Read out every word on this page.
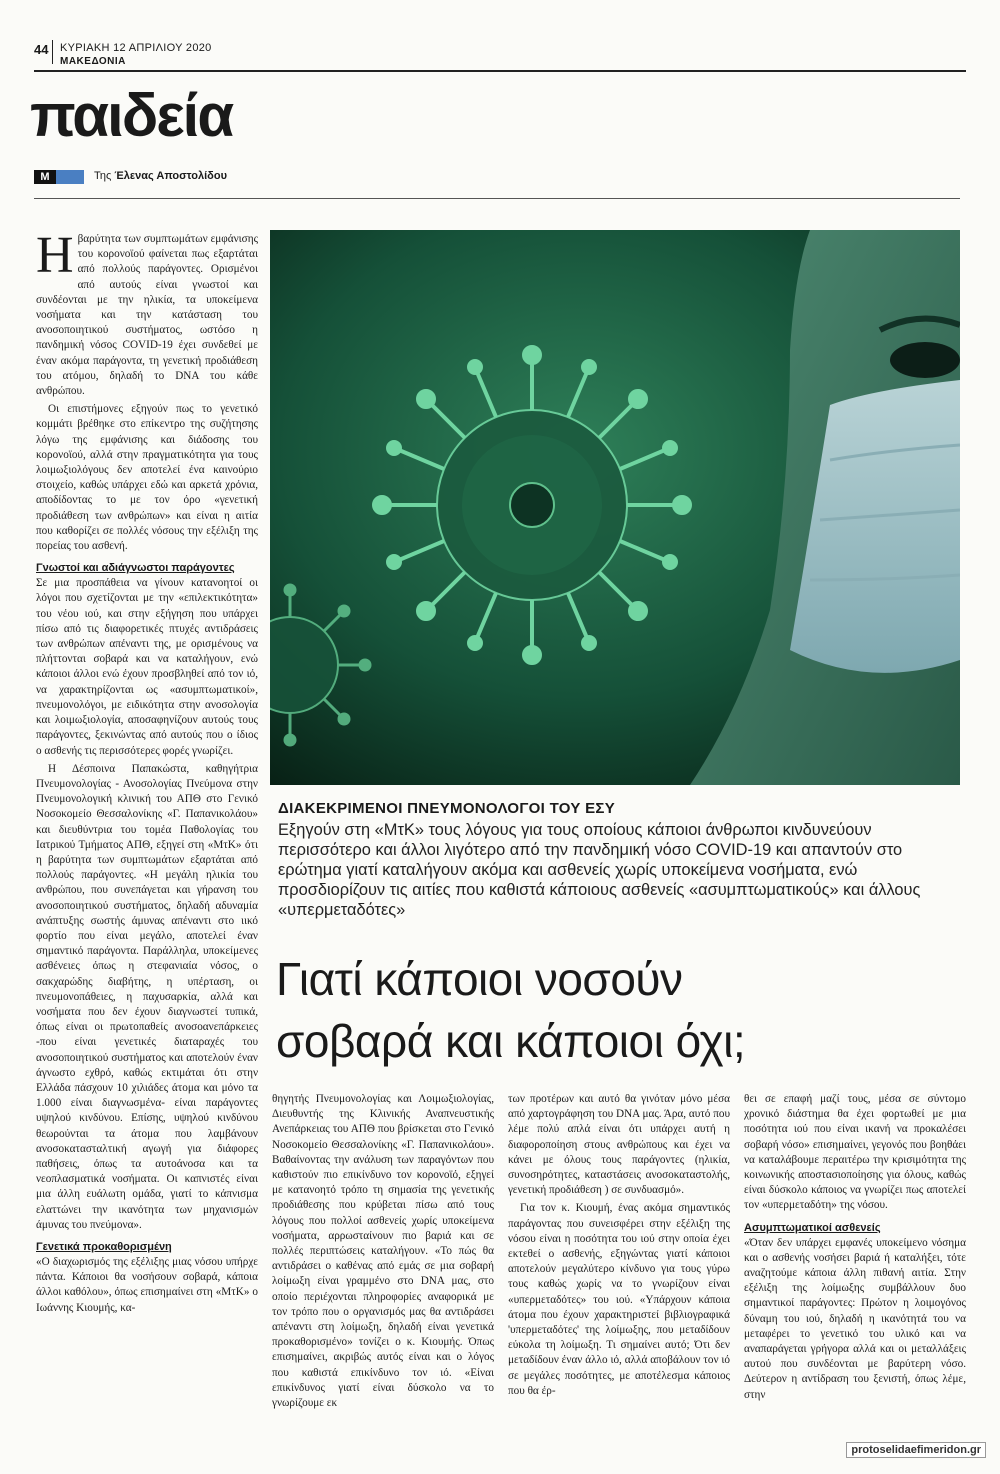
44 ΚΥΡΙΑΚΗ 12 ΑΠΡΙΛΙΟΥ 2020
ΜΑΚΕΔΟΝΙΑ
παιδεία
M	Της Έλενας Αποστολίδου

Ηβαρύτητα των συμπτωμάτων εμφάνισης του κορονοϊού φαίνεται πως εξαρτάται από πολλούς παράγοντες. Ορισμένοι από αυτούς είναι γνωστοί και συνδέονται με την ηλικία, τα υποκείμενα νοσήματα και την κατάσταση του ανοσοποιητικού συστήματος, ωστόσο η πανδημική νόσος COVID-19 έχει συνδεθεί με έναν ακόμα παράγοντα, τη γενετική προδιάθεση του ατόμου, δηλαδή το DNA του κάθε ανθρώπου.

Οι επιστήμονες εξηγούν πως το γενετικό κομμάτι βρέθηκε στο επίκεντρο της συζήτησης λόγω της εμφάνισης και διάδοσης του κορονοϊού, αλλά στην πραγματικότητα για τους λοιμωξιολόγους δεν αποτελεί ένα καινούριο στοιχείο, καθώς υπάρχει εδώ και αρκετά χρόνια, αποδίδοντας το με τον όρο «γενετική προδιάθεση των ανθρώπων» και είναι η αιτία που καθορίζει σε πολλές νόσους την εξέλιξη της πορείας του ασθενή.

Γνωστοί και αδιάγνωστοι παράγοντες

Σε μια προσπάθεια να γίνουν κατανοητοί οι λόγοι που σχετίζονται με την «επιλεκτικότητα» του νέου ιού, και στην εξήγηση που υπάρχει πίσω από τις διαφορετικές πτυχές αντιδράσεις των ανθρώπων απέναντι της, με ορισμένους να πλήττονται σοβαρά και να καταλήγουν, ενώ κάποιοι άλλοι ενώ έχουν προσβληθεί από τον ιό, να χαρακτηρίζονται ως «ασυμπτωματικοί», πνευμονολόγοι, με ειδικότητα στην ανοσολογία και λοιμωξιολογία, αποσαφηνίζουν αυτούς τους παράγοντες, ξεκινώντας από αυτούς που ο ίδιος ο ασθενής τις περισσότερες φορές γνωρίζει.

Η Δέσποινα Παπακώστα, καθηγήτρια Πνευμονολογίας - Ανοσολογίας Πνεύμονα στην Πνευμονολογική κλινική του ΑΠΘ στο Γενικό Νοσοκομείο Θεσσαλονίκης «Γ. Παπανικολάου» και διευθύντρια του τομέα Παθολογίας του Ιατρικού Τμήματος ΑΠΘ, εξηγεί στη «ΜτΚ» ότι η βαρύτητα των συμπτωμάτων εξαρτάται από πολλούς παράγοντες. «Η μεγάλη ηλικία του ανθρώπου, που συνεπάγεται και γήρανση του ανοσοποιητικού συστήματος, δηλαδή αδυναμία ανάπτυξης σωστής άμυνας απέναντι στο ιικό φορτίο που είναι μεγάλο, αποτελεί έναν σημαντικό παράγοντα. Παράλληλα, υποκείμενες ασθένειες όπως η στεφανιαία νόσος, ο σακχαρώδης διαβήτης, η υπέρταση, οι πνευμονοπάθειες, η παχυσαρκία, αλλά και νοσήματα που δεν έχουν διαγνωστεί τυπικά, όπως είναι οι πρωτοπαθείς ανοσοανεπάρκειες -που είναι γενετικές διαταραχές του ανοσοποιητικού συστήματος και αποτελούν έναν άγνωστο εχθρό, καθώς εκτιμάται ότι στην Ελλάδα πάσχουν 10 χιλιάδες άτομα και μόνο τα 1.000 είναι διαγνωσμένα- είναι παράγοντες υψηλού κινδύνου. Επίσης, υψηλού κινδύνου θεωρούνται τα άτομα που λαμβάνουν ανοσοκατασταλτική αγωγή για διάφορες παθήσεις, όπως τα αυτοάνοσα και τα νεοπλασματικά νοσήματα. Οι καπνιστές είναι μια άλλη ευάλωτη ομάδα, γιατί το κάπνισμα ελαττώνει την ικανότητα των μηχανισμών άμυνας του πνεύμονα».

Γενετικά προκαθορισμένη

«Ο διαχωρισμός της εξέλιξης μιας νόσου υπήρχε πάντα. Κάποιοι θα νοσήσουν σοβαρά, κάποια άλλοι καθόλου», όπως επισημαίνει στη «ΜτΚ» ο Ιωάννης Κιουμής, κα-

ΔΙΑΚΕΚΡΙΜΕΝΟΙ ΠΝΕΥΜΟΝΟΛΟΓΟΙ ΤΟΥ ΕΣΥ
Εξηγούν στη «ΜτΚ» τους λόγους για τους οποίους κάποιοι άνθρωποι κινδυνεύουν περισσότερο και άλλοι λιγότερο από την πανδημική νόσο COVID-19 και απαντούν στο ερώτημα γιατί καταλήγουν ακόμα και ασθενείς χωρίς υποκείμενα νοσήματα, ενώ προσδιορίζουν τις αιτίες που καθιστά κάποιους ασθενείς «ασυμπτωματικούς» και άλλους «υπερμεταδότες»
Γιατί κάποιοι νοσούν
σοβαρά και κάποιοι όχι;

θηγητής Πνευμονολογίας και Λοιμωξιολογίας, Διευθυντής της Κλινικής Αναπνευστικής Ανεπάρκειας του ΑΠΘ που βρίσκεται στο Γενικό Νοσοκομείο Θεσσαλονίκης «Γ. Παπανικολάου». Βαθαίνοντας την ανάλυση των παραγόντων που καθιστούν πιο επικίνδυνο τον κορονοϊό, εξηγεί με κατανοητό τρόπο τη σημασία της γενετικής προδιάθεσης που κρύβεται πίσω από τους λόγους που πολλοί ασθενείς χωρίς υποκείμενα νοσήματα, αρρωσταίνουν πιο βαριά και σε πολλές περιπτώσεις καταλήγουν. «Το πώς θα αντιδράσει ο καθένας από εμάς σε μια σοβαρή λοίμωξη είναι γραμμένο στο DNA μας, στο οποίο περιέχονται πληροφορίες αναφορικά με τον τρόπο που ο οργανισμός μας θα αντιδράσει απέναντι στη λοίμωξη, δηλαδή είναι γενετικά προκαθορισμένο» τονίζει ο κ. Κιουμής. Όπως επισημαίνει, ακριβώς αυτός είναι και ο λόγος που καθιστά επικίνδυνο τον ιό. «Είναι επικίνδυνος γιατί είναι δύσκολο να το γνωρίζουμε εκ

των προτέρων και αυτό θα γινόταν μόνο μέσα από χαρτογράφηση του DNA μας. Άρα, αυτό που λέμε πολύ απλά είναι ότι υπάρχει αυτή η διαφοροποίηση στους ανθρώπους και έχει να κάνει με όλους τους παράγοντες (ηλικία, συνοσηρότητες, καταστάσεις ανοσοκαταστολής, γενετική προδιάθεση ) σε συνδυασμό».

Για τον κ. Κιουμή, ένας ακόμα σημαντικός παράγοντας που συνεισφέρει στην εξέλιξη της νόσου είναι η ποσότητα του ιού στην οποία έχει εκτεθεί ο ασθενής, εξηγώντας γιατί κάποιοι αποτελούν μεγαλύτερο κίνδυνο για τους γύρω τους καθώς χωρίς να το γνωρίζουν είναι «υπερμεταδότες» του ιού. «Υπάρχουν κάποια άτομα που έχουν χαρακτηριστεί βιβλιογραφικά 'υπερμεταδότες' της λοίμωξης, που μεταδίδουν εύκολα τη λοίμωξη. Τι σημαίνει αυτό; Ότι δεν μεταδίδουν έναν άλλο ιό, αλλά αποβάλουν τον ιό σε μεγάλες ποσότητες, με αποτέλεσμα κάποιος που θα έρ-

θει σε επαφή μαζί τους, μέσα σε σύντομο χρονικό διάστημα θα έχει φορτωθεί με μια ποσότητα ιού που είναι ικανή να προκαλέσει σοβαρή νόσο» επισημαίνει, γεγονός που βοηθάει να καταλάβουμε περαιτέρω την κρισιμότητα της κοινωνικής αποστασιοποίησης για όλους, καθώς είναι δύσκολο κάποιος να γνωρίζει πως αποτελεί τον «υπερμεταδότη» της νόσου.

Ασυμπτωματικοί ασθενείς

«Όταν δεν υπάρχει εμφανές υποκείμενο νόσημα και ο ασθενής νοσήσει βαριά ή καταλήξει, τότε αναζητούμε κάποια άλλη πιθανή αιτία. Στην εξέλιξη της λοίμωξης συμβάλλουν δυο σημαντικοί παράγοντες: Πρώτον η λοιμογόνος δύναμη του ιού, δηλαδή η ικανότητά του να μεταφέρει το γενετικό του υλικό και να αναπαράγεται γρήγορα αλλά και οι μεταλλάξεις αυτού που συνδέονται με βαρύτερη νόσο. Δεύτερον η αντίδραση του ξενιστή, όπως λέμε, στην

protoselidaefimeridon.gr
